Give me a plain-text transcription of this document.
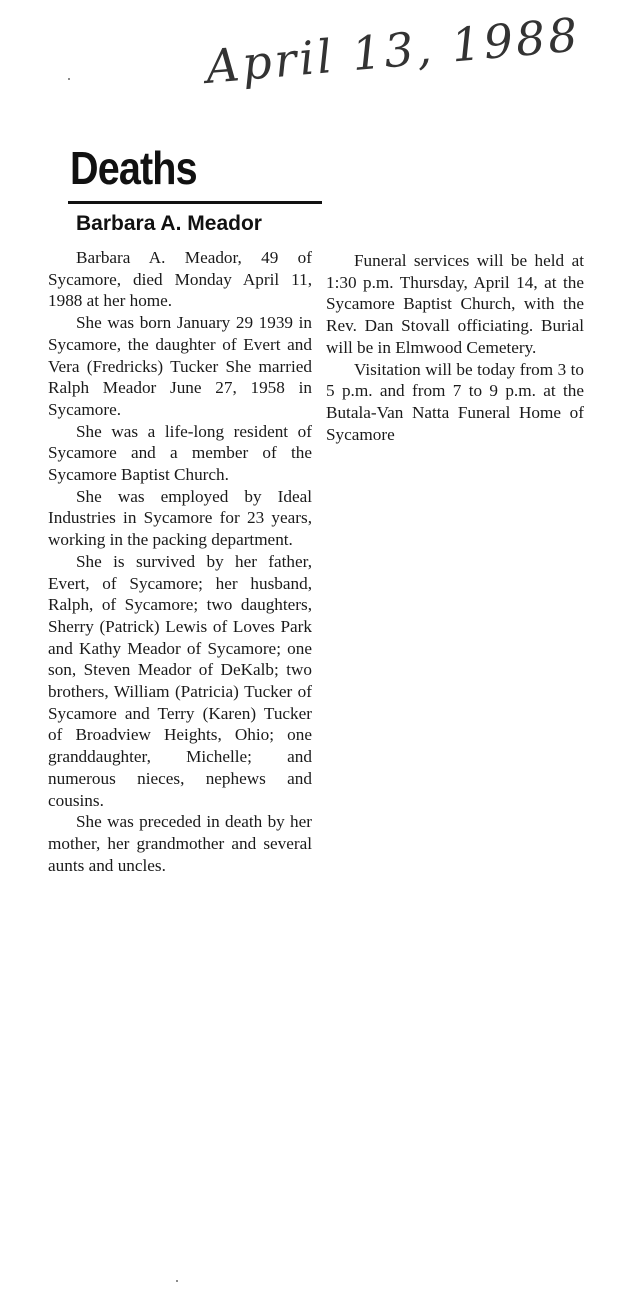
April 13, 1988
Deaths
Barbara A. Meador

Barbara A. Meador, 49 of Sycamore, died Monday April 11, 1988 at her home.

She was born January 29 1939 in Sycamore, the daughter of Evert and Vera (Fredricks) Tucker She married Ralph Meador June 27, 1958 in Sycamore.

She was a life-long resident of Sycamore and a member of the Sycamore Baptist Church.

She was employed by Ideal Industries in Sycamore for 23 years, working in the packing department.

She is survived by her father, Evert, of Sycamore; her husband, Ralph, of Sycamore; two daughters, Sherry (Patrick) Lewis of Loves Park and Kathy Meador of Sycamore; one son, Steven Meador of DeKalb; two brothers, William (Patricia) Tucker of Sycamore and Terry (Karen) Tucker of Broadview Heights, Ohio; one granddaughter, Michelle; and numerous nieces, nephews and cousins.

She was preceded in death by her mother, her grandmother and several aunts and uncles.

Funeral services will be held at 1:30 p.m. Thursday, April 14, at the Sycamore Baptist Church, with the Rev. Dan Stovall officiating. Burial will be in Elmwood Cemetery.

Visitation will be today from 3 to 5 p.m. and from 7 to 9 p.m. at the Butala-Van Natta Funeral Home of Sycamore
